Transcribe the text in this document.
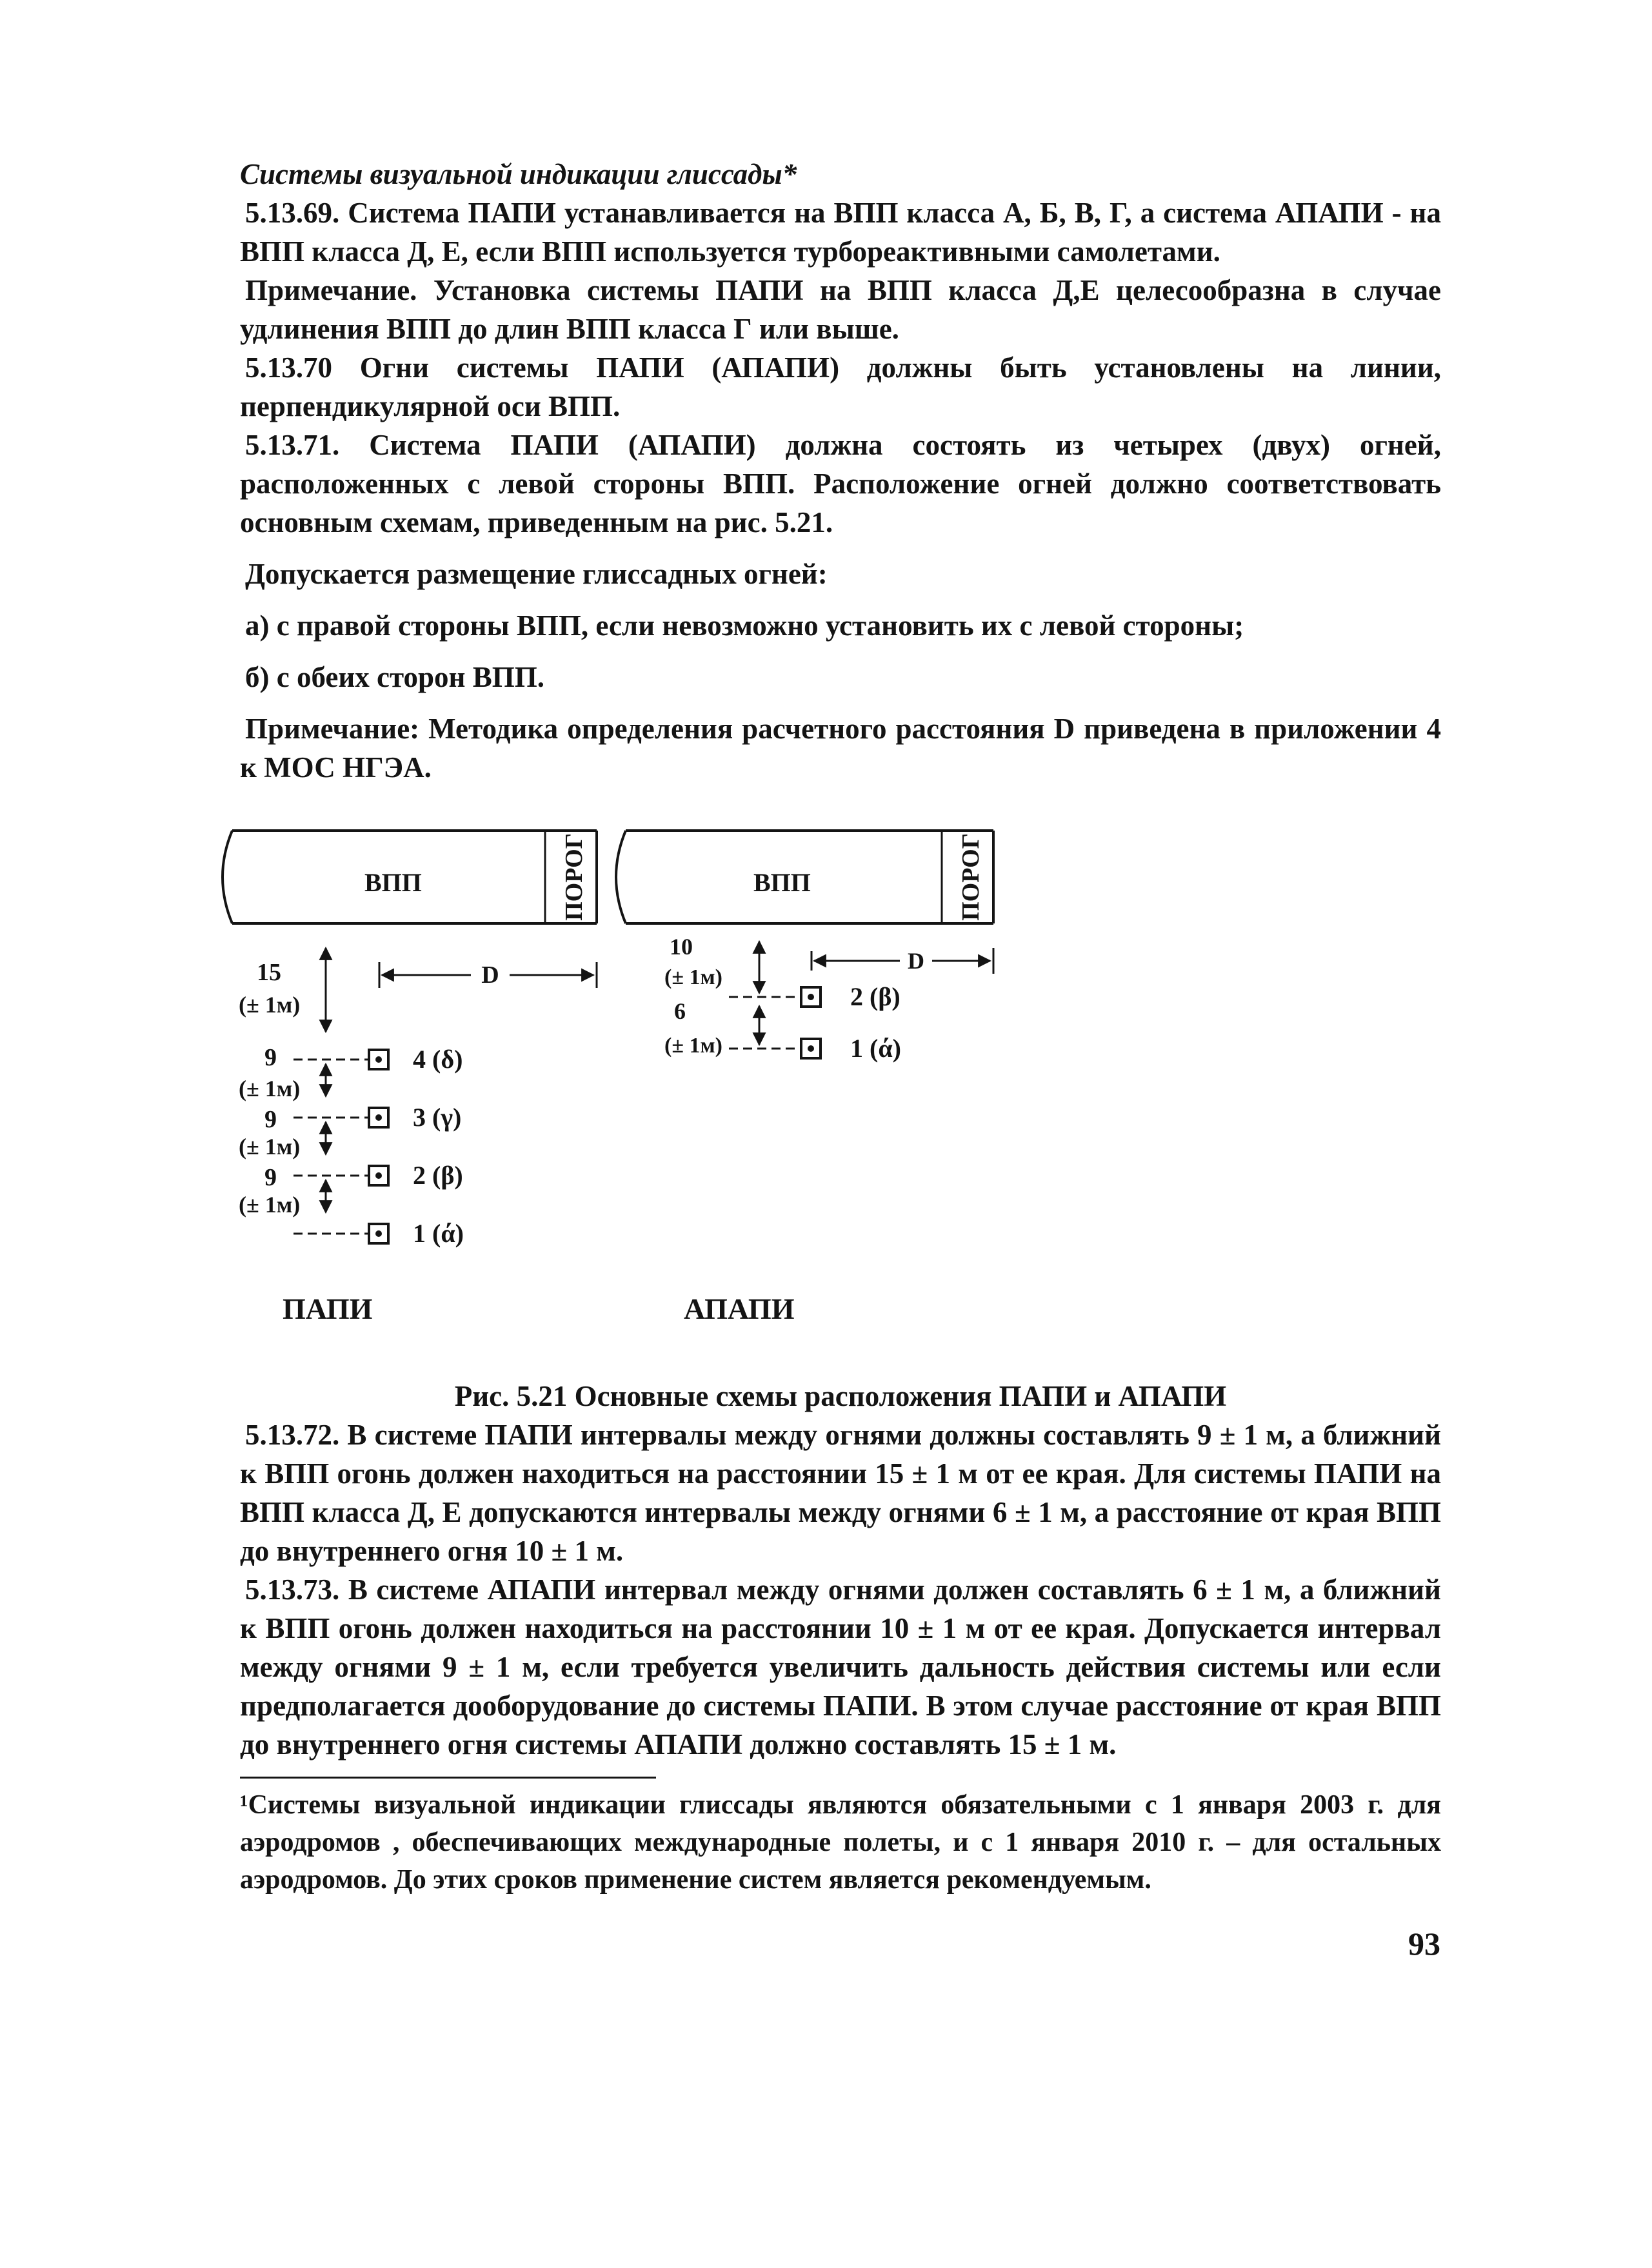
Системы визуальной индикации глиссады*

5.13.69. Система ПАПИ устанавливается на ВПП класса А, Б, В, Г, а система АПАПИ - на ВПП класса Д, Е, если ВПП используется турбореактивными самолетами.

Примечание. Установка системы ПАПИ на ВПП класса Д,Е целесообразна в случае удлинения ВПП до длин ВПП класса Г или выше.

5.13.70 Огни системы ПАПИ (АПАПИ) должны быть установлены на линии, перпендикулярной оси ВПП.

5.13.71. Система ПАПИ (АПАПИ) должна состоять из четырех (двух) огней, расположенных с левой стороны ВПП. Расположение огней должно соответствовать основным схемам, приведенным на рис. 5.21.

Допускается размещение глиссадных огней:

а) с правой стороны ВПП, если невозможно установить их с левой стороны;

б) с обеих сторон ВПП.

Примечание: Методика определения расчетного расстояния D приведена в приложении 4 к МОС НГЭА.

ВПП	ПОРОГ
D
15
(± 1м)
9
(± 1м)
9
(± 1м)
9
(± 1м)
4 (δ)
3 (γ)
2 (β)
1 (ά)
ПАПИ
ВПП	ПОРОГ
D
10
(± 1м)
6
(± 1м)
2 (β)
1 (ά)
АПАПИ

Рис. 5.21 Основные схемы расположения ПАПИ и АПАПИ

5.13.72. В системе ПАПИ интервалы между огнями должны составлять 9 ± 1 м, а ближний к ВПП огонь должен находиться на расстоянии 15 ± 1 м от ее края. Для системы ПАПИ на ВПП класса Д, Е допускаются интервалы между огнями 6 ± 1 м, а расстояние от края ВПП до внутреннего огня 10 ± 1 м.

5.13.73. В системе АПАПИ интервал между огнями должен составлять 6 ± 1 м, а ближний к ВПП огонь должен находиться на расстоянии 10 ± 1 м от ее края. Допускается интервал между огнями 9 ± 1 м, если требуется увеличить дальность действия системы или если предполагается дооборудование до системы ПАПИ. В этом случае расстояние от края ВПП до внутреннего огня системы АПАПИ должно составлять 15 ± 1 м.

¹Системы визуальной индикации глиссады являются обязательными с 1 января 2003 г. для аэродромов , обеспечивающих международные полеты, и с 1 января 2010 г. – для остальных аэродромов. До этих сроков применение систем является рекомендуемым.

93
